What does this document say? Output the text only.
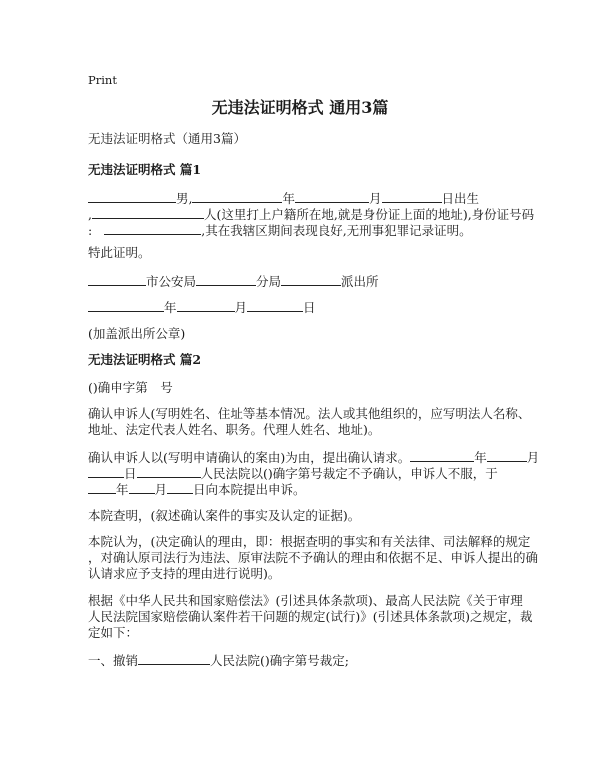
Print
无违法证明格式 通用3篇
无违法证明格式（通用3篇）
无违法证明格式 篇1
男,	年	月	日出生
,	人(这里打上户籍所在地,就是身份证上面的地址),身份证号码
:	,其在我辖区期间表现良好,无刑事犯罪记录证明。
特此证明。
市公安局	分局	派出所
年	月	日
(加盖派出所公章)
无违法证明格式 篇2
()确申字第　号
确认申诉人(写明姓名、住址等基本情况。法人或其他组织的，应写明法人名称、
地址、法定代表人姓名、职务。代理人姓名、地址)。
确认申诉人以(写明申请确认的案由)为由，提出确认请求。	年	月
日	人民法院以()确字第号裁定不予确认，申诉人不服，于
年 月 日向本院提出申诉。
本院查明，(叙述确认案件的事实及认定的证据)。
本院认为，(决定确认的理由，即：根据查明的事实和有关法律、司法解释的规定
，对确认原司法行为违法、原审法院不予确认的理由和依据不足、申诉人提出的确
认请求应予支持的理由进行说明)。
根据《中华人民共和国家赔偿法》(引述具体条款项)、最高人民法院《关于审理
人民法院国家赔偿确认案件若干问题的规定(试行)》(引述具体条款项)之规定，裁
定如下：
一、撤销	人民法院()确字第号裁定;
